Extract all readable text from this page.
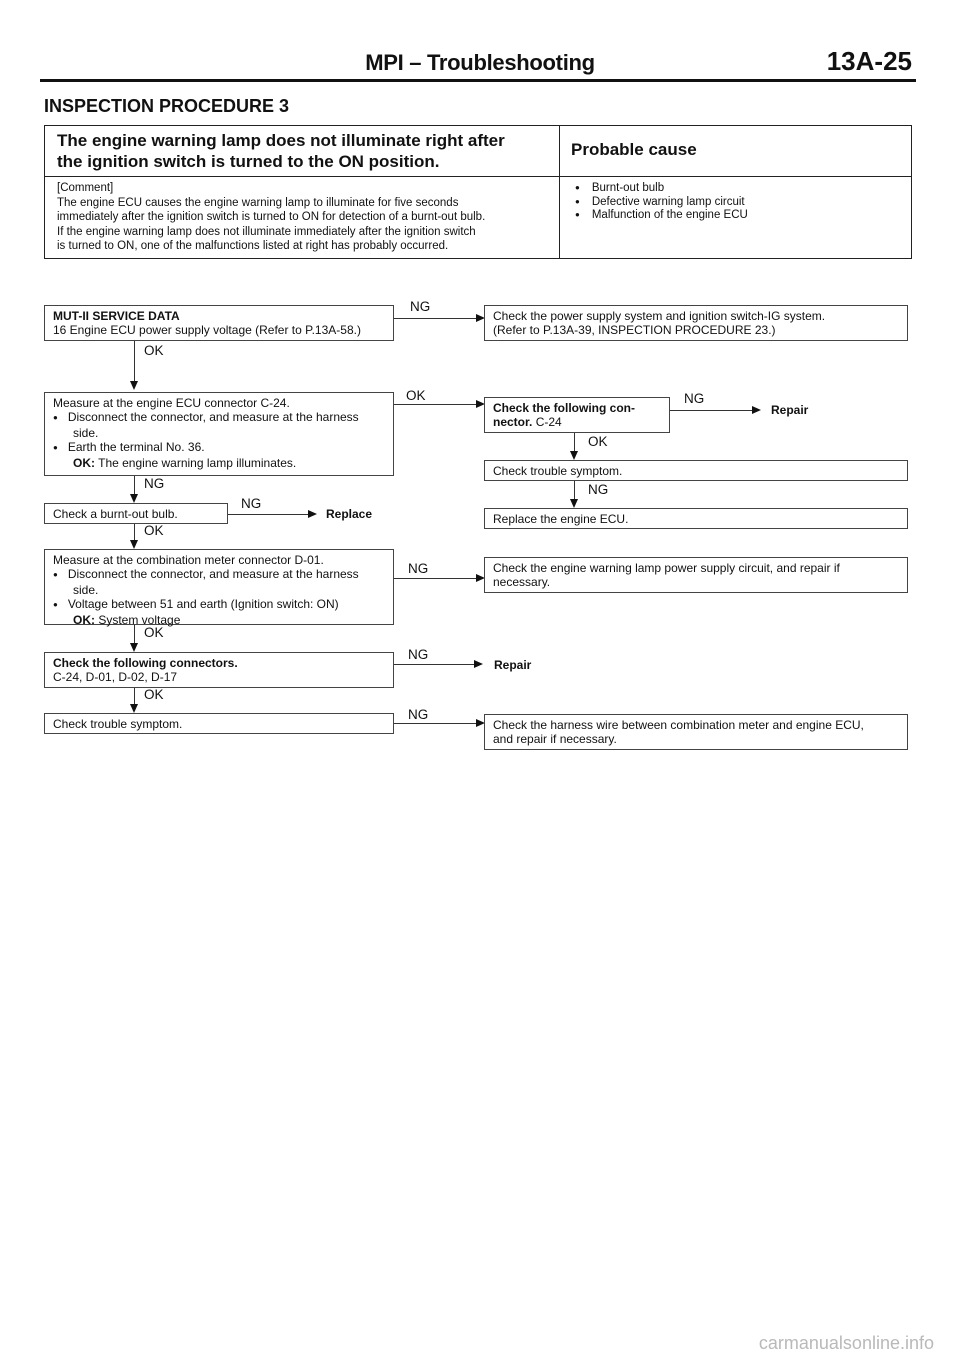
MPI – Troubleshooting	13A-25
INSPECTION PROCEDURE 3
The engine warning lamp does not illuminate right after
the ignition switch is turned to the ON position.
Probable cause
[Comment]
The engine ECU causes the engine warning lamp to illuminate for five seconds
immediately after the ignition switch is turned to ON for detection of a burnt-out bulb.
If the engine warning lamp does not illuminate immediately after the ignition switch
is turned to ON, one of the malfunctions listed at right has probably occurred.
● Burnt-out bulb
● Defective warning lamp circuit
● Malfunction of the engine ECU
MUT-II SERVICE DATA
16 Engine ECU power supply voltage (Refer to P.13A-58.)
NG
Check the power supply system and ignition switch-IG system.
(Refer to P.13A-39, INSPECTION PROCEDURE 23.)
OK
Measure at the engine ECU connector C-24.
● Disconnect the connector, and measure at the harness
side.
● Earth the terminal No. 36.
OK: The engine warning lamp illuminates.
OK
Check the following con-
nector. C-24
NG
Repair
OK
Check trouble symptom.
NG
Replace the engine ECU.
NG
Check a burnt-out bulb.
NG
Replace
OK
Measure at the combination meter connector D-01.
● Disconnect the connector, and measure at the harness
side.
● Voltage between 51 and earth (Ignition switch: ON)
OK: System voltage
NG	Check the engine warning lamp power supply circuit, and repair if
necessary.
OK
Check the following connectors.
C-24, D-01, D-02, D-17
NG
Repair
OK
Check trouble symptom.
NG
Check the harness wire between combination meter and engine ECU,
and repair if necessary.
carmanualsonline.info
